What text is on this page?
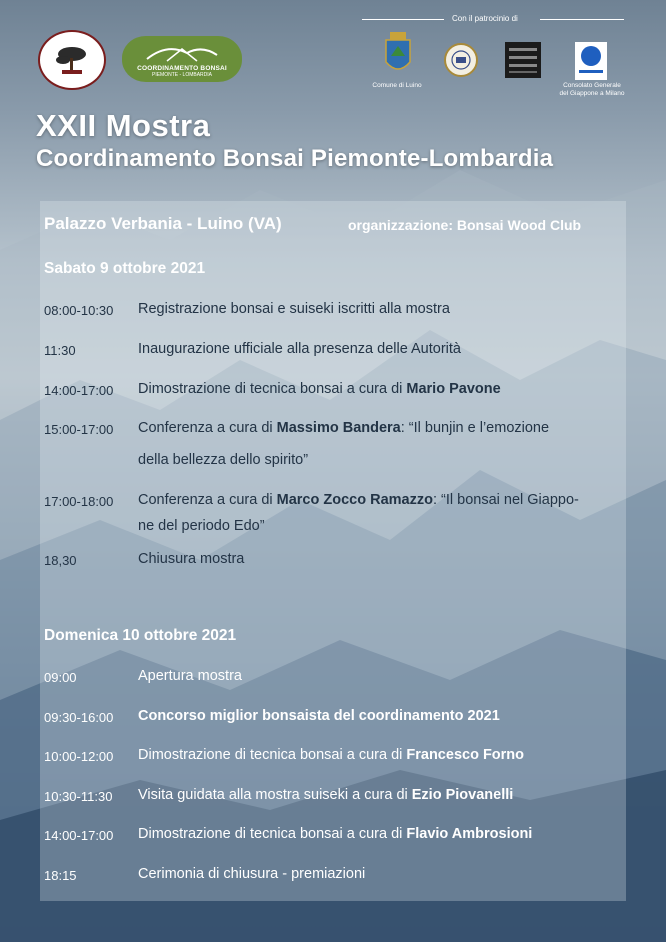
COORDINAMENTO BONSAI
PIEMONTE - LOMBARDIA
Con il patrocinio di
Comune di Luino	Consolato Generale
del Giappone a Milano
XXII Mostra
Coordinamento Bonsai Piemonte-Lombardia
Palazzo Verbania - Luino (VA)	organizzazione: Bonsai Wood Club
Sabato 9 ottobre 2021
08:00-10:30 Registrazione bonsai e suiseki iscritti alla mostra
11:30	Inaugurazione ufficiale alla presenza delle Autorità
14:00-17:00 Dimostrazione di tecnica bonsai a cura di Mario Pavone
15:00-17:00 Conferenza a cura di Massimo Bandera: “Il bunjin e l’emozione
della bellezza dello spirito”
17:00-18:00 Conferenza a cura di Marco Zocco Ramazzo: “Il bonsai nel Giappo-
ne del periodo Edo”
18,30	Chiusura mostra
Domenica 10 ottobre 2021
09:00	Apertura mostra
09:30-16:00 Concorso miglior bonsaista del coordinamento 2021
10:00-12:00 Dimostrazione di tecnica bonsai a cura di Francesco Forno
10:30-11:30 Visita guidata alla mostra suiseki a cura di Ezio Piovanelli
14:00-17:00 Dimostrazione di tecnica bonsai a cura di Flavio Ambrosioni
18:15	Cerimonia di chiusura - premiazioni
